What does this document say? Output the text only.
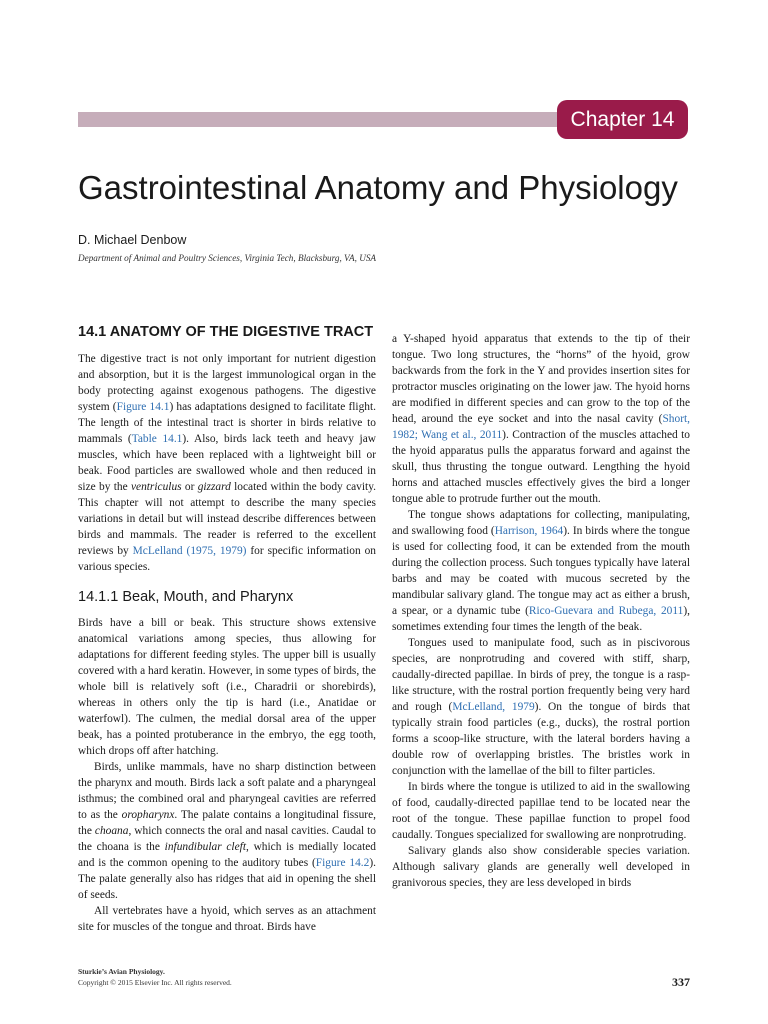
Chapter 14
Gastrointestinal Anatomy and Physiology

D. Michael Denbow

Department of Animal and Poultry Sciences, Virginia Tech, Blacksburg, VA, USA

14.1 ANATOMY OF THE DIGESTIVE TRACT

The digestive tract is not only important for nutrient digestion and absorption, but it is the largest immunological organ in the body protecting against exogenous pathogens. The digestive system (Figure 14.1) has adaptations designed to facilitate flight. The length of the intestinal tract is shorter in birds relative to mammals (Table 14.1). Also, birds lack teeth and heavy jaw muscles, which have been replaced with a lightweight bill or beak. Food particles are swallowed whole and then reduced in size by the ventriculus or gizzard located within the body cavity. This chapter will not attempt to describe the many species variations in detail but will instead describe differences between birds and mammals. The reader is referred to the excellent reviews by McLelland (1975, 1979) for specific information on various species.

14.1.1 Beak, Mouth, and Pharynx

Birds have a bill or beak. This structure shows extensive anatomical variations among species, thus allowing for adaptations for different feeding styles. The upper bill is usually covered with a hard keratin. However, in some types of birds, the whole bill is relatively soft (i.e., Charadrii or shorebirds), whereas in others only the tip is hard (i.e., Anatidae or waterfowl). The culmen, the medial dorsal area of the upper beak, has a pointed protuberance in the embryo, the egg tooth, which drops off after hatching.

Birds, unlike mammals, have no sharp distinction between the pharynx and mouth. Birds lack a soft palate and a pharyngeal isthmus; the combined oral and pharyngeal cavities are referred to as the oropharynx. The palate contains a longitudinal fissure, the choana, which connects the oral and nasal cavities. Caudal to the choana is the infundibular cleft, which is medially located and is the common opening to the auditory tubes (Figure 14.2). The palate generally also has ridges that aid in opening the shell of seeds.

All vertebrates have a hyoid, which serves as an attachment site for muscles of the tongue and throat. Birds have

a Y-shaped hyoid apparatus that extends to the tip of their tongue. Two long structures, the “horns” of the hyoid, grow backwards from the fork in the Y and provides insertion sites for protractor muscles originating on the lower jaw. The hyoid horns are modified in different species and can grow to the top of the head, around the eye socket and into the nasal cavity (Short, 1982; Wang et al., 2011). Contraction of the muscles attached to the hyoid apparatus pulls the apparatus forward and against the skull, thus thrusting the tongue outward. Lengthing the hyoid horns and attached muscles effectively gives the bird a longer tongue able to protrude further out the mouth.

The tongue shows adaptations for collecting, manipulating, and swallowing food (Harrison, 1964). In birds where the tongue is used for collecting food, it can be extended from the mouth during the collection process. Such tongues typically have lateral barbs and may be coated with mucous secreted by the mandibular salivary gland. The tongue may act as either a brush, a spear, or a dynamic tube (Rico-Guevara and Rubega, 2011), sometimes extending four times the length of the beak.

Tongues used to manipulate food, such as in piscivorous species, are nonprotruding and covered with stiff, sharp, caudally-directed papillae. In birds of prey, the tongue is a rasp-like structure, with the rostral portion frequently being very hard and rough (McLelland, 1979). On the tongue of birds that typically strain food particles (e.g., ducks), the rostral portion forms a scoop-like structure, with the lateral borders having a double row of overlapping bristles. The bristles work in conjunction with the lamellae of the bill to filter particles.

In birds where the tongue is utilized to aid in the swallowing of food, caudally-directed papillae tend to be located near the root of the tongue. These papillae function to propel food caudally. Tongues specialized for swallowing are nonprotruding.

Salivary glands also show considerable species variation. Although salivary glands are generally well developed in granivorous species, they are less developed in birds

Sturkie’s Avian Physiology.
Copyright © 2015 Elsevier Inc. All rights reserved.	337
